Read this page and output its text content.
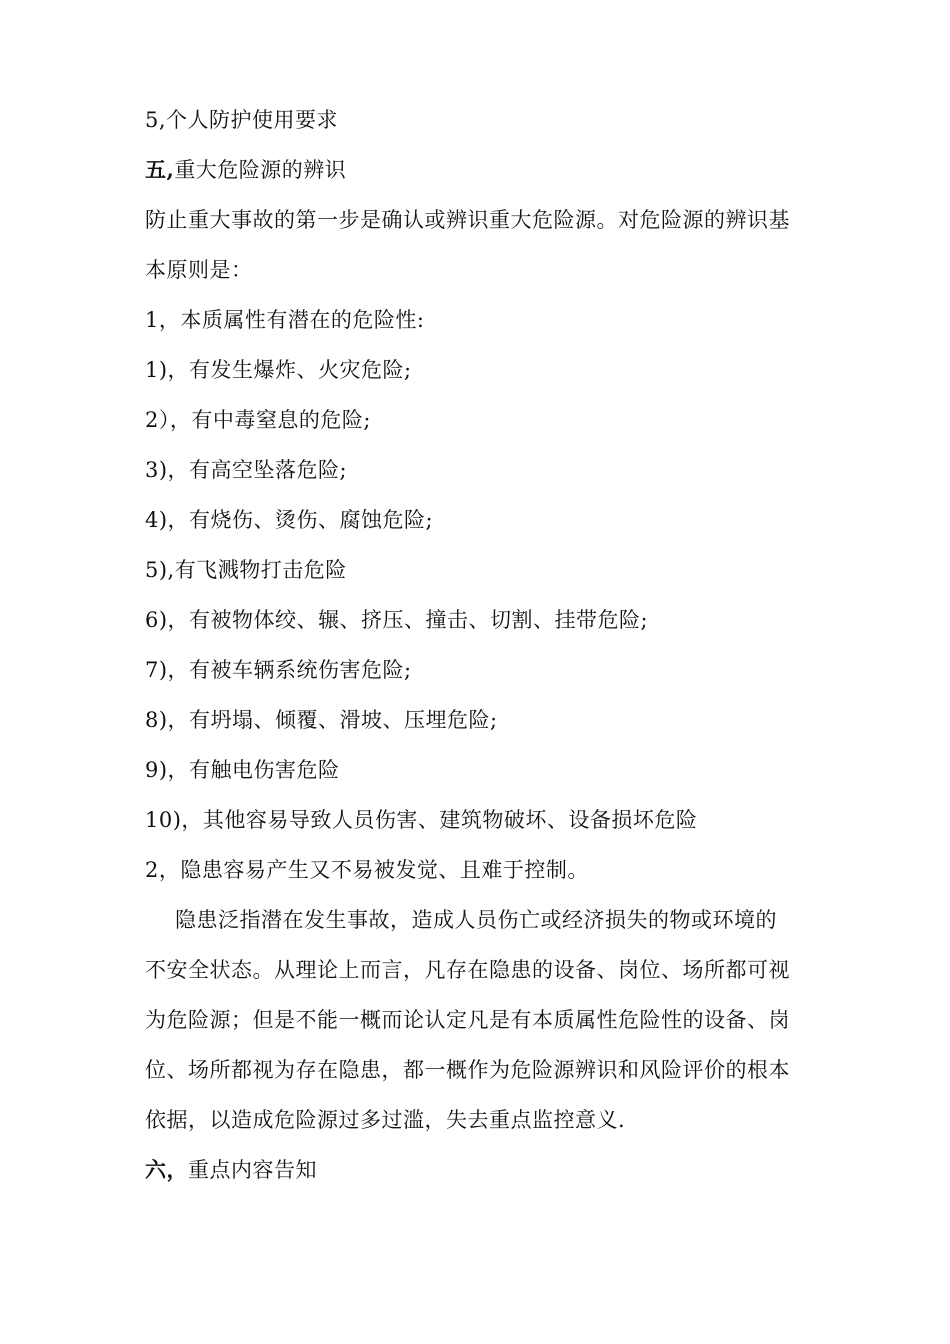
5,个人防护使用要求
五,重大危险源的辨识
防止重大事故的第一步是确认或辨识重大危险源。对危险源的辨识基
本原则是：
1，本质属性有潜在的危险性:
1)，有发生爆炸、火灾危险;
2），有中毒窒息的危险;
3)，有高空坠落危险;
4)，有烧伤、烫伤、腐蚀危险;
5),有飞溅物打击危险
6)，有被物体绞、辗、挤压、撞击、切割、挂带危险;
7)，有被车辆系统伤害危险;
8)，有坍塌、倾覆、滑坡、压埋危险;
9)，有触电伤害危险
10)，其他容易导致人员伤害、建筑物破坏、设备损坏危险
2，隐患容易产生又不易被发觉、且难于控制。
隐患泛指潜在发生事故，造成人员伤亡或经济损失的物或环境的
不安全状态。从理论上而言，凡存在隐患的设备、岗位、场所都可视
为危险源；但是不能一概而论认定凡是有本质属性危险性的设备、岗
位、场所都视为存在隐患，都一概作为危险源辨识和风险评价的根本
依据，以造成危险源过多过滥，失去重点监控意义.
六，重点内容告知
